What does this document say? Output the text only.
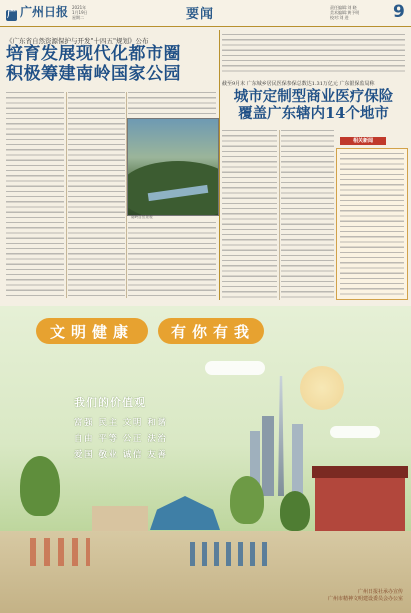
广 广州日报 2021年
1月19日
星期二	要闻	责任编辑:刘 晓
美术编辑:黄予明
校对:刘 进	9
《广东省自然资源保护与开发"十四五"规划》公布
培育发展现代化都市圈
积极筹建南岭国家公园
南岭自然景观
截至9月末 广东城乡居民医保参保总数达1.31万亿元 广东银保监局称
城市定制型商业医疗保险
覆盖广东辖内14个地市
相关新闻
文明健康 有你有我
我们的价值观
富强 民主 文明 和谐
自由 平等 公正 法治
爱国 敬业 诚信 友善
广州日报社承办宣传
广州市精神文明建设委员会办公室
